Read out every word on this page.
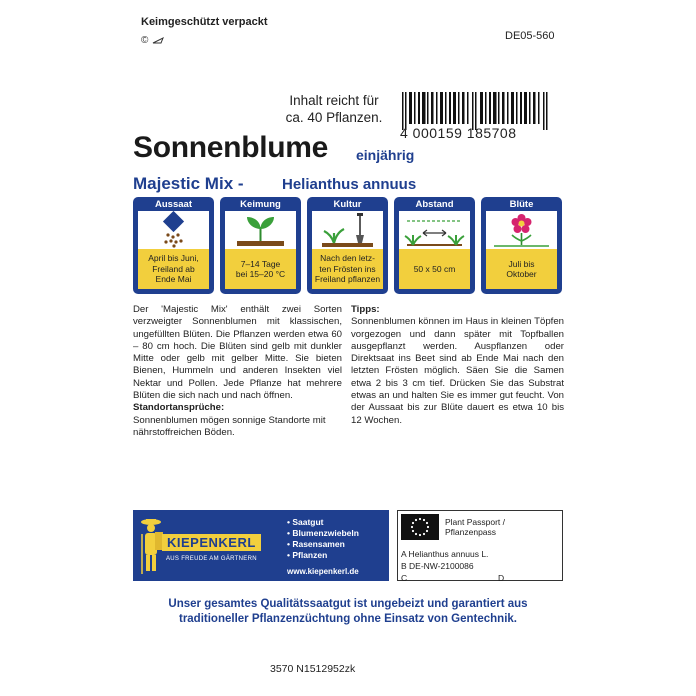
Keimgeschützt verpackt
©	DE05-560
Inhalt reicht für
ca. 40 Pflanzen.
4 000159 185708
Sonnenblume einjährig
Majestic Mix -	Helianthus annuus
Aussaat
April bis Juni,
Freiland ab
Ende Mai
Keimung
7–14 Tage
bei 15–20 °C
Kultur
Nach den letz-
ten Frösten ins
Freiland pflanzen
Abstand
50 x 50 cm
Blüte
Juli bis
Oktober
Der 'Majestic Mix' enthält zwei Sorten verzweigter Sonnenblumen mit klassischen, ungefüllten Blüten. Die Pflanzen werden etwa 60 – 80 cm hoch. Die Blüten sind gelb mit dunkler Mitte oder gelb mit gelber Mitte. Sie bieten Bienen, Hummeln und anderen Insekten viel Nektar und Pollen. Jede Pflanze hat mehrere Blüten die sich nach und nach öffnen.
Standortansprüche:
Sonnenblumen mögen sonnige Standorte mit nährstoffreichen Böden.
Tipps:
Sonnenblumen können im Haus in kleinen Töpfen vorgezogen und dann später mit Topfballen ausgepflanzt werden. Auspflanzen oder Direktsaat ins Beet sind ab Ende Mai nach den letzten Frösten möglich. Säen Sie die Samen etwa 2 bis 3 cm tief. Drücken Sie das Substrat etwas an und halten Sie es immer gut feucht. Von der Aussaat bis zur Blüte dauert es etwa 10 bis 12 Wochen.
KIEPENKERL
AUS FREUDE AM GÄRTNERN
• Saatgut
• Blumenzwiebeln
• Rasensamen
• Pflanzen
www.kiepenkerl.de
Plant Passport /
Pflanzenpass
A Helianthus annuus L.
B DE-NW-2100086
C	D
Unser gesamtes Qualitätssaatgut ist ungebeizt und garantiert aus
traditioneller Pflanzenzüchtung ohne Einsatz von Gentechnik.
3570 N1512952zk
